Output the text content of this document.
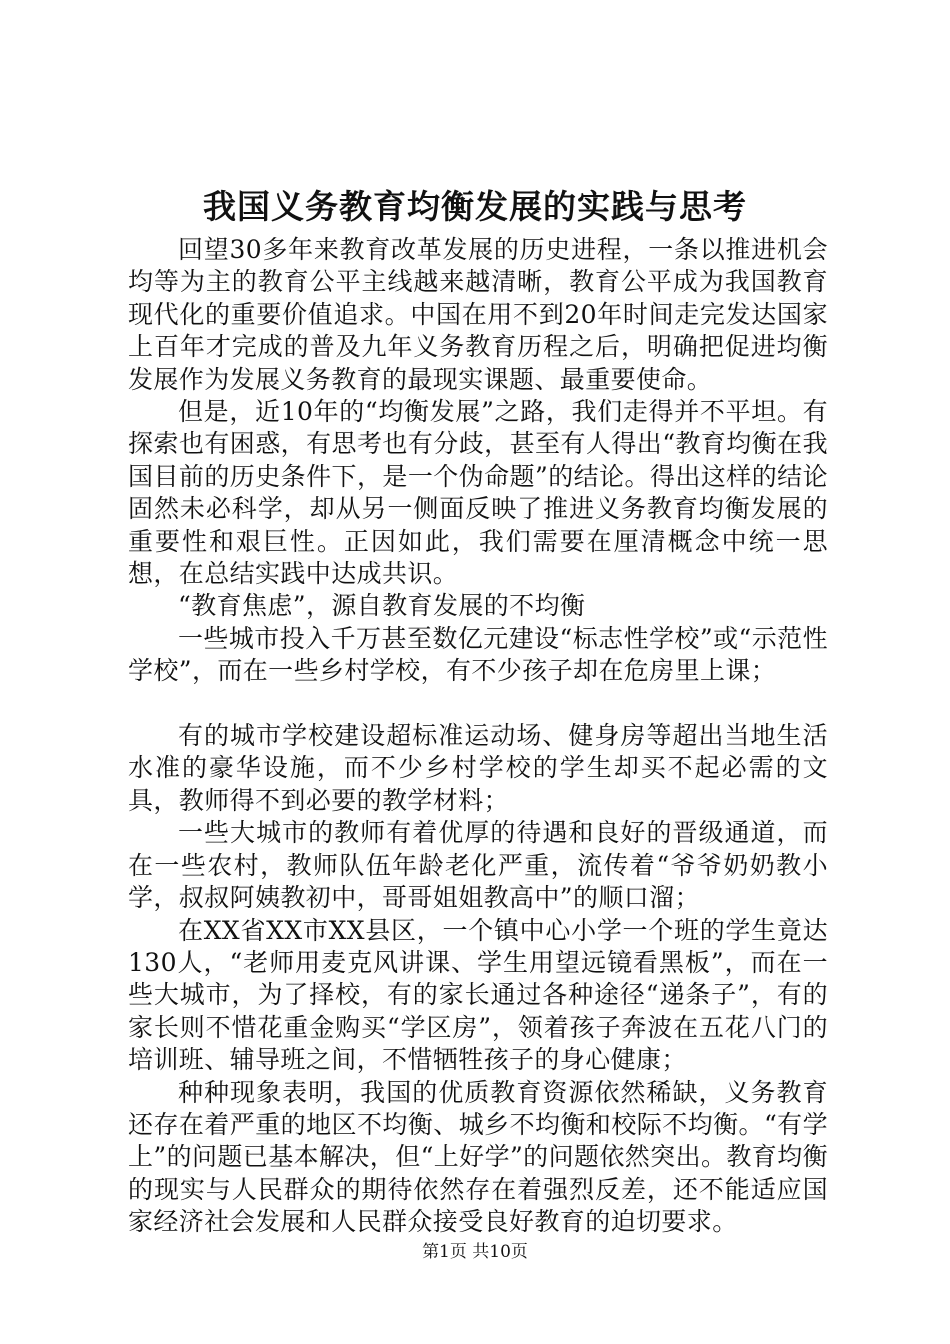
我国义务教育均衡发展的实践与思考

回望30多年来教育改革发展的历史进程，一条以推进机会均等为主的教育公平主线越来越清晰，教育公平成为我国教育现代化的重要价值追求。中国在用不到20年时间走完发达国家上百年才完成的普及九年义务教育历程之后，明确把促进均衡发展作为发展义务教育的最现实课题、最重要使命。

但是，近10年的“均衡发展”之路，我们走得并不平坦。有探索也有困惑，有思考也有分歧，甚至有人得出“教育均衡在我国目前的历史条件下，是一个伪命题”的结论。得出这样的结论固然未必科学，却从另一侧面反映了推进义务教育均衡发展的重要性和艰巨性。正因如此，我们需要在厘清概念中统一思想，在总结实践中达成共识。

“教育焦虑”，源自教育发展的不均衡

一些城市投入千万甚至数亿元建设“标志性学校”或“示范性学校”，而在一些乡村学校，有不少孩子却在危房里上课；

有的城市学校建设超标准运动场、健身房等超出当地生活水准的豪华设施，而不少乡村学校的学生却买不起必需的文具，教师得不到必要的教学材料；

一些大城市的教师有着优厚的待遇和良好的晋级通道，而在一些农村，教师队伍年龄老化严重，流传着“爷爷奶奶教小学，叔叔阿姨教初中，哥哥姐姐教高中”的顺口溜；

在XX省XX市XX县区，一个镇中心小学一个班的学生竟达130人，“老师用麦克风讲课、学生用望远镜看黑板”，而在一些大城市，为了择校，有的家长通过各种途径“递条子”，有的家长则不惜花重金购买“学区房”，领着孩子奔波在五花八门的培训班、辅导班之间，不惜牺牲孩子的身心健康；

种种现象表明，我国的优质教育资源依然稀缺，义务教育还存在着严重的地区不均衡、城乡不均衡和校际不均衡。“有学上”的问题已基本解决，但“上好学”的问题依然突出。教育均衡的现实与人民群众的期待依然存在着强烈反差，还不能适应国家经济社会发展和人民群众接受良好教育的迫切要求。

第1页 共10页
